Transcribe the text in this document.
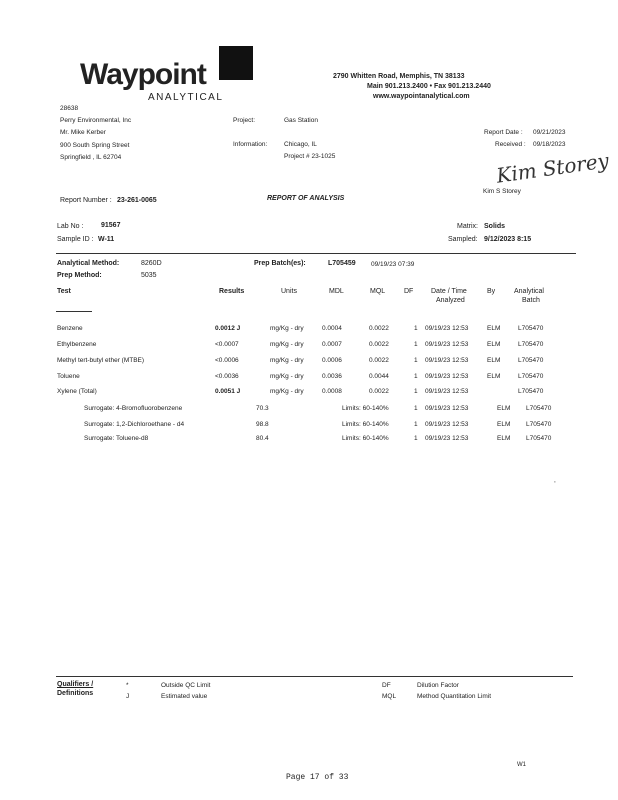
Waypoint
ANALYTICAL
2790 Whitten Road, Memphis, TN 38133
Main 901.213.2400 • Fax 901.213.2440
www.waypointanalytical.com
28638
Perry Environmental, Inc
Mr. Mike Kerber
900 South Spring Street
Springfield , IL 62704
Project:	Gas Station
Information:	Chicago, IL
Project # 23-1025
Report Date : 09/21/2023
Received : 09/18/2023
Kim Storey
Kim S Storey
Report Number : 23-261-0065	REPORT OF ANALYSIS
Lab No :	91567
Sample ID : W-11
Matrix: Solids
Sampled: 9/12/2023 8:15
Analytical Method:	8260D
Prep Method:	5035
Prep Batch(es):	L705459 09/19/23 07:39
Test	Results	Units	MDL	MQL	DF	Date / Time
Analyzed
By	Analytical
Batch
Benzene	0.0012 J	mg/Kg - dry	0.0004	0.0022	1 09/19/23 12:53	ELM	L705470
Ethylbenzene	<0.0007	mg/Kg - dry	0.0007	0.0022	1 09/19/23 12:53	ELM	L705470
Methyl tert-butyl ether (MTBE)	<0.0006	mg/Kg - dry	0.0006	0.0022	1 09/19/23 12:53	ELM	L705470
Toluene	<0.0036	mg/Kg - dry	0.0036	0.0044	1 09/19/23 12:53	ELM	L705470
Xylene (Total)	0.0051 J	mg/Kg - dry	0.0008	0.0022	1 09/19/23 12:53	L705470
Surrogate: 4-Bromofluorobenzene	70.3	Limits: 60-140%	1 09/19/23 12:53	ELM L705470
Surrogate: 1,2-Dichloroethane - d4	98.8	Limits: 60-140%	1 09/19/23 12:53	ELM L705470
Surrogate: Toluene-d8	80.4	Limits: 60-140%	1 09/19/23 12:53	ELM L705470
,
Qualifiers /
Definitions
*	Outside QC Limit
J	Estimated value
DF	Dilution Factor
MQL	Method Quantitation Limit
W1
Page 17 of 33
